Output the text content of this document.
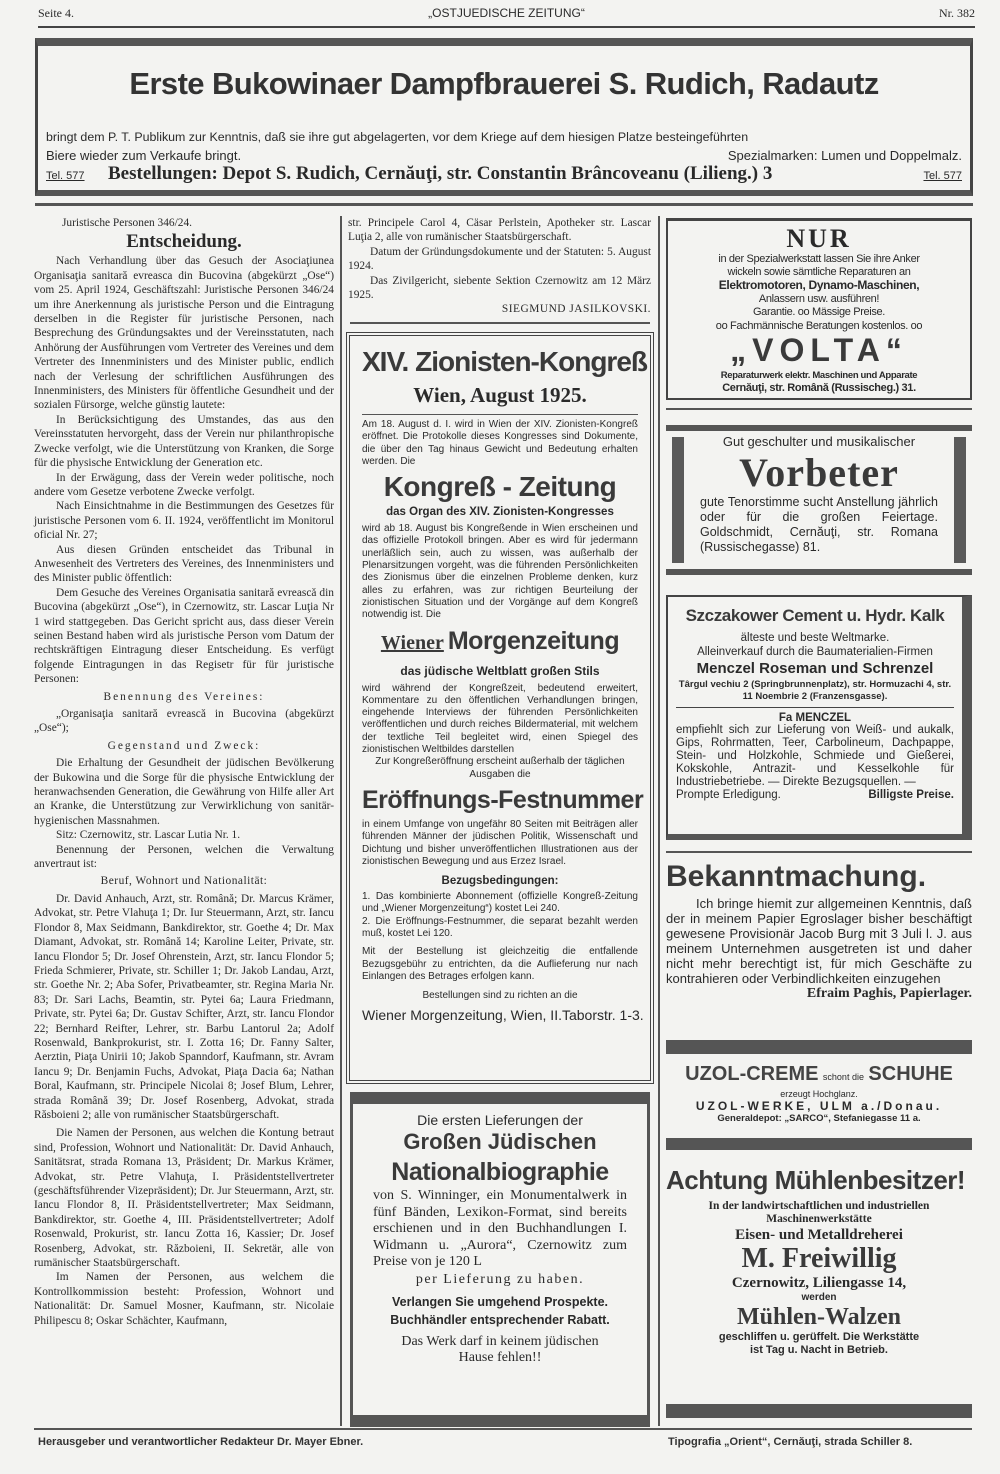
Seite 4.	„OSTJUEDISCHE ZEITUNG“	Nr. 382
Erste Bukowinaer Dampfbrauerei S. Rudich, Radautz
bringt dem P. T. Publikum zur Kenntnis, daß sie ihre gut abgelagerten, vor dem Kriege auf dem hiesigen Platze besteingeführten
Biere wieder zum Verkaufe bringt.	Spezialmarken: Lumen und Doppelmalz.
Tel. 577 Bestellungen: Depot S. Rudich, Cernăuţi, str. Constantin Brâncoveanu (Lilieng.) 3	Tel. 577

Juristische Personen 346/24.

Entscheidung.

Nach Verhandlung über das Gesuch der Asociaţiunea Organisaţia sanitară evreasca din Bucovina (abgekürzt „Ose“) vom 25. April 1924, Geschäftszahl: Juristische Personen 346/24 um ihre Anerkennung als juristische Person und die Eintragung derselben in die Register für juristische Personen, nach Besprechung des Gründungsaktes und der Vereinsstatuten, nach Anhörung der Ausführungen vom Vertreter des Vereines und dem Vertreter des Innenministers und des Minister public, endlich nach der Verlesung der schriftlichen Ausführungen des Innenministers, des Ministers für öffentliche Gesundheit und der sozialen Fürsorge, welche günstig lautete:

In Berücksichtigung des Umstandes, das aus den Vereinsstatuten hervorgeht, dass der Verein nur philanthropische Zwecke verfolgt, wie die Unterstützung von Kranken, die Sorge für die physische Entwicklung der Generation etc.

In der Erwägung, dass der Verein weder politische, noch andere vom Gesetze verbotene Zwecke verfolgt.

Nach Einsichtnahme in die Bestimmungen des Gesetzes für juristische Personen vom 6. II. 1924, veröffentlicht im Monitorul oficial Nr. 27;

Aus diesen Gründen entscheidet das Tribunal in Anwesenheit des Vertreters des Vereines, des Innenministers und des Minister public öffentlich:

Dem Gesuche des Vereines Organisatia sanitară evreascǎ din Bucovina (abgekürzt „Ose“), in Czernowitz, str. Lascar Luţia Nr 1 wird stattgegeben. Das Gericht spricht aus, dass dieser Verein seinen Bestand haben wird als juristische Person vom Datum der rechtskräftigen Eintragung dieser Entscheidung. Es verfügt folgende Eintragungen in das Regisetr für für juristische Personen:

Benennung des Vereines:

„Organisaţia sanitară evreascǎ in Bucovina (abgekürzt „Ose“);

Gegenstand und Zweck:

Die Erhaltung der Gesundheit der jüdischen Bevölkerung der Bukowina und die Sorge für die physische Entwicklung der heranwachsenden Generation, die Gewährung von Hilfe aller Art an Kranke, die Unterstützung zur Verwirklichung von sanitär-hygienischen Massnahmen.

Sitz: Czernowitz, str. Lascar Lutia Nr. 1.

Benennung der Personen, welchen die Verwaltung anvertraut ist:

Beruf, Wohnort und Nationalität:

Dr. David Anhauch, Arzt, str. Română; Dr. Marcus Krämer, Advokat, str. Petre Vlahuţa 1; Dr. Iur Steuermann, Arzt, str. Iancu Flondor 8, Max Seidmann, Bankdirektor, str. Goethe 4; Dr. Max Diamant, Advokat, str. Română 14; Karoline Leiter, Private, str. Iancu Flondor 5; Dr. Josef Ohrenstein, Arzt, str. Iancu Flondor 5; Frieda Schmierer, Private, str. Schiller 1; Dr. Jakob Landau, Arzt, str. Goethe Nr. 2; Aba Sofer, Privatbeamter, str. Regina Maria Nr. 83; Dr. Sari Lachs, Beamtin, str. Pytei 6a; Laura Friedmann, Private, str. Pytei 6a; Dr. Gustav Schifter, Arzt, str. Iancu Flondor 22; Bernhard Reifter, Lehrer, str. Barbu Lantorul 2a; Adolf Rosenwald, Bankprokurist, str. I. Zotta 16; Dr. Fanny Salter, Aerztin, Piaţa Unirii 10; Jakob Spanndorf, Kaufmann, str. Avram Iancu 9; Dr. Benjamin Fuchs, Advokat, Piaţa Dacia 6a; Nathan Boral, Kaufmann, str. Principele Nicolai 8; Josef Blum, Lehrer, strada Română 39; Dr. Josef Rosenberg, Advokat, strada Răsboieni 2; alle von rumänischer Staatsbürgerschaft.

Die Namen der Personen, aus welchen die Kontung betraut sind, Profession, Wohnort und Nationalität: Dr. David Anhauch, Sanitätsrat, strada Romana 13, Präsident; Dr. Markus Krämer, Advokat, str. Petre Vlahuţa, I. Präsidentstellvertreter (geschäftsführender Vizepräsident); Dr. Jur Steuermann, Arzt, str. Iancu Flondor 8, II. Präsidentstellvertreter; Max Seidmann, Bankdirektor, str. Goethe 4, III. Präsidentstellvertreter; Adolf Rosenwald, Prokurist, str. Iancu Zotta 16, Kassier; Dr. Josef Rosenberg, Advokat, str. Războieni, II. Sekretär, alle von rumänischer Staatsbürgerschaft.

Im Namen der Personen, aus welchem die Kontrollkommission besteht: Profession, Wohnort und Nationalität: Dr. Samuel Mosner, Kaufmann, str. Nicolaie Philipescu 8; Oskar Schächter, Kaufmann,

str. Principele Carol 4, Cäsar Perlstein, Apotheker str. Lascar Luţia 2, alle von rumänischer Staatsbürgerschaft.

Datum der Gründungsdokumente und der Statuten: 5. August 1924.

Das Zivilgericht, siebente Sektion Czernowitz am 12 März 1925.

SIEGMUND JASILKOVSKI.

XIV. Zionisten-Kongreß
Wien, August 1925.
Am 18. August d. I. wird in Wien der XIV. Zionisten-Kongreß eröffnet. Die Protokolle dieses Kongresses sind Dokumente, die über den Tag hinaus Gewicht und Bedeutung erhalten werden. Die
Kongreß - Zeitung
das Organ des XIV. Zionisten-Kongresses
wird ab 18. August bis Kongreßende in Wien erscheinen und das offizielle Protokoll bringen. Aber es wird für jedermann unerläßlich sein, auch zu wissen, was außerhalb der Plenarsitzungen vorgeht, was die führenden Persönlichkeiten des Zionismus über die einzelnen Probleme denken, kurz alles zu erfahren, was zur richtigen Beurteilung der zionistischen Situation und der Vorgänge auf dem Kongreß notwendig ist. Die
Wiener Morgenzeitung
das jüdische Weltblatt großen Stils
wird während der Kongreßzeit, bedeutend erweitert, Kommentare zu den öffentlichen Verhandlungen bringen, eingehende Interviews der führenden Persönlichkeiten veröffentlichen und durch reiches Bildermaterial, mit welchem der textliche Teil begleitet wird, einen Spiegel des zionistischen Weltbildes darstellen
Zur Kongreßeröffnung erscheint außerhalb der täglichen Ausgaben die
Eröffnungs-Festnummer
in einem Umfange von ungefähr 80 Seiten mit Beiträgen aller führenden Männer der jüdischen Politik, Wissenschaft und Dichtung und bisher unveröffentlichen Illustrationen aus der zionistischen Bewegung und aus Erzez Israel.
Bezugsbedingungen:
1. Das kombinierte Abonnement (offizielle Kongreß-Zeitung und „Wiener Morgenzeitung“) kostet Lei 240.
2. Die Eröffnungs-Festnummer, die separat bezahlt werden muß, kostet Lei 120.
Mit der Bestellung ist gleichzeitig die entfallende Bezugsgebühr zu entrichten, da die Auflieferung nur nach Einlangen des Betrages erfolgen kann.
Bestellungen sind zu richten an die
Wiener Morgenzeitung, Wien, II.Taborstr. 1-3.
Die ersten Lieferungen der
Großen Jüdischen
Nationalbiographie
von S. Winninger, ein Monumentalwerk in fünf Bänden, Lexikon-Format, sind bereits erschienen und in den Buchhandlungen I. Widmann u. „Aurora“, Czernowitz zum Preise von je 120 L
per Lieferung zu haben.
Verlangen Sie umgehend Prospekte.
Buchhändler entsprechender Rabatt.
Das Werk darf in keinem jüdischen Hause fehlen!!
NUR
in der Spezialwerkstatt lassen Sie ihre Anker
wickeln sowie sämtliche Reparaturen an
Elektromotoren, Dynamo-Maschinen,
Anlassern usw. ausführen!
Garantie. oo Mässige Preise.
oo Fachmännische Beratungen kostenlos. oo
„VOLTA“
Reparaturwerk elektr. Maschinen und Apparate
Cernăuţi, str. Română (Russischeg.) 31.
Gut geschulter und musikalischer
Vorbeter
gute Tenorstimme sucht Anstellung jährlich oder für die großen Feiertage. Goldschmidt, Cernăuţi, str. Romana (Russischegasse) 81.
Szczakower Cement u. Hydr. Kalk
älteste und beste Weltmarke.
Alleinverkauf durch die Baumaterialien-Firmen
Menczel Roseman und Schrenzel
Târgul vechiu 2 (Springbrunnenplatz), str. Hormuzachi 4, str. 11 Noembrie 2 (Franzensgasse).
Fa MENCZEL
empfiehlt sich zur Lieferung von Weiß- und aukalk, Gips, Rohrmatten, Teer, Carbolineum, Dachpappe, Stein- und Holzkohle, Schmiede und Gießerei, Kokskohle, Antrazit- und Kesselkohle für Industriebetriebe. — Direkte Bezugsquellen. —
Prompte Erledigung.	Billigste Preise.
Bekanntmachung.
Ich bringe hiemit zur allgemeinen Kenntnis, daß der in meinem Papier Egroslager bisher beschäftigt gewesene Provisionär Jacob Burg mit 3 Juli l. J. aus meinem Unternehmen ausgetreten ist und daher nicht mehr berechtigt ist, für mich Geschäfte zu kontrahieren oder Verbindlichkeiten einzugehen
Efraim Paghis, Papierlager.
UZOL-CREME schont die SCHUHE
erzeugt Hochglanz.
UZOL-WERKE, ULM a./Donau.
Generaldepot: „SARCO“, Stefaniegasse 11 a.
Achtung Mühlenbesitzer!
In der landwirtschaftlichen und industriellen Maschinenwerkstätte
Eisen- und Metalldreherei
M. Freiwillig
Czernowitz, Liliengasse 14,
werden
Mühlen-Walzen
geschliffen u. gerüffelt. Die Werkstätte ist Tag u. Nacht in Betrieb.
Herausgeber und verantwortlicher Redakteur Dr. Mayer Ebner.	Tipografia „Orient“, Cernăuţi, strada Schiller 8.
